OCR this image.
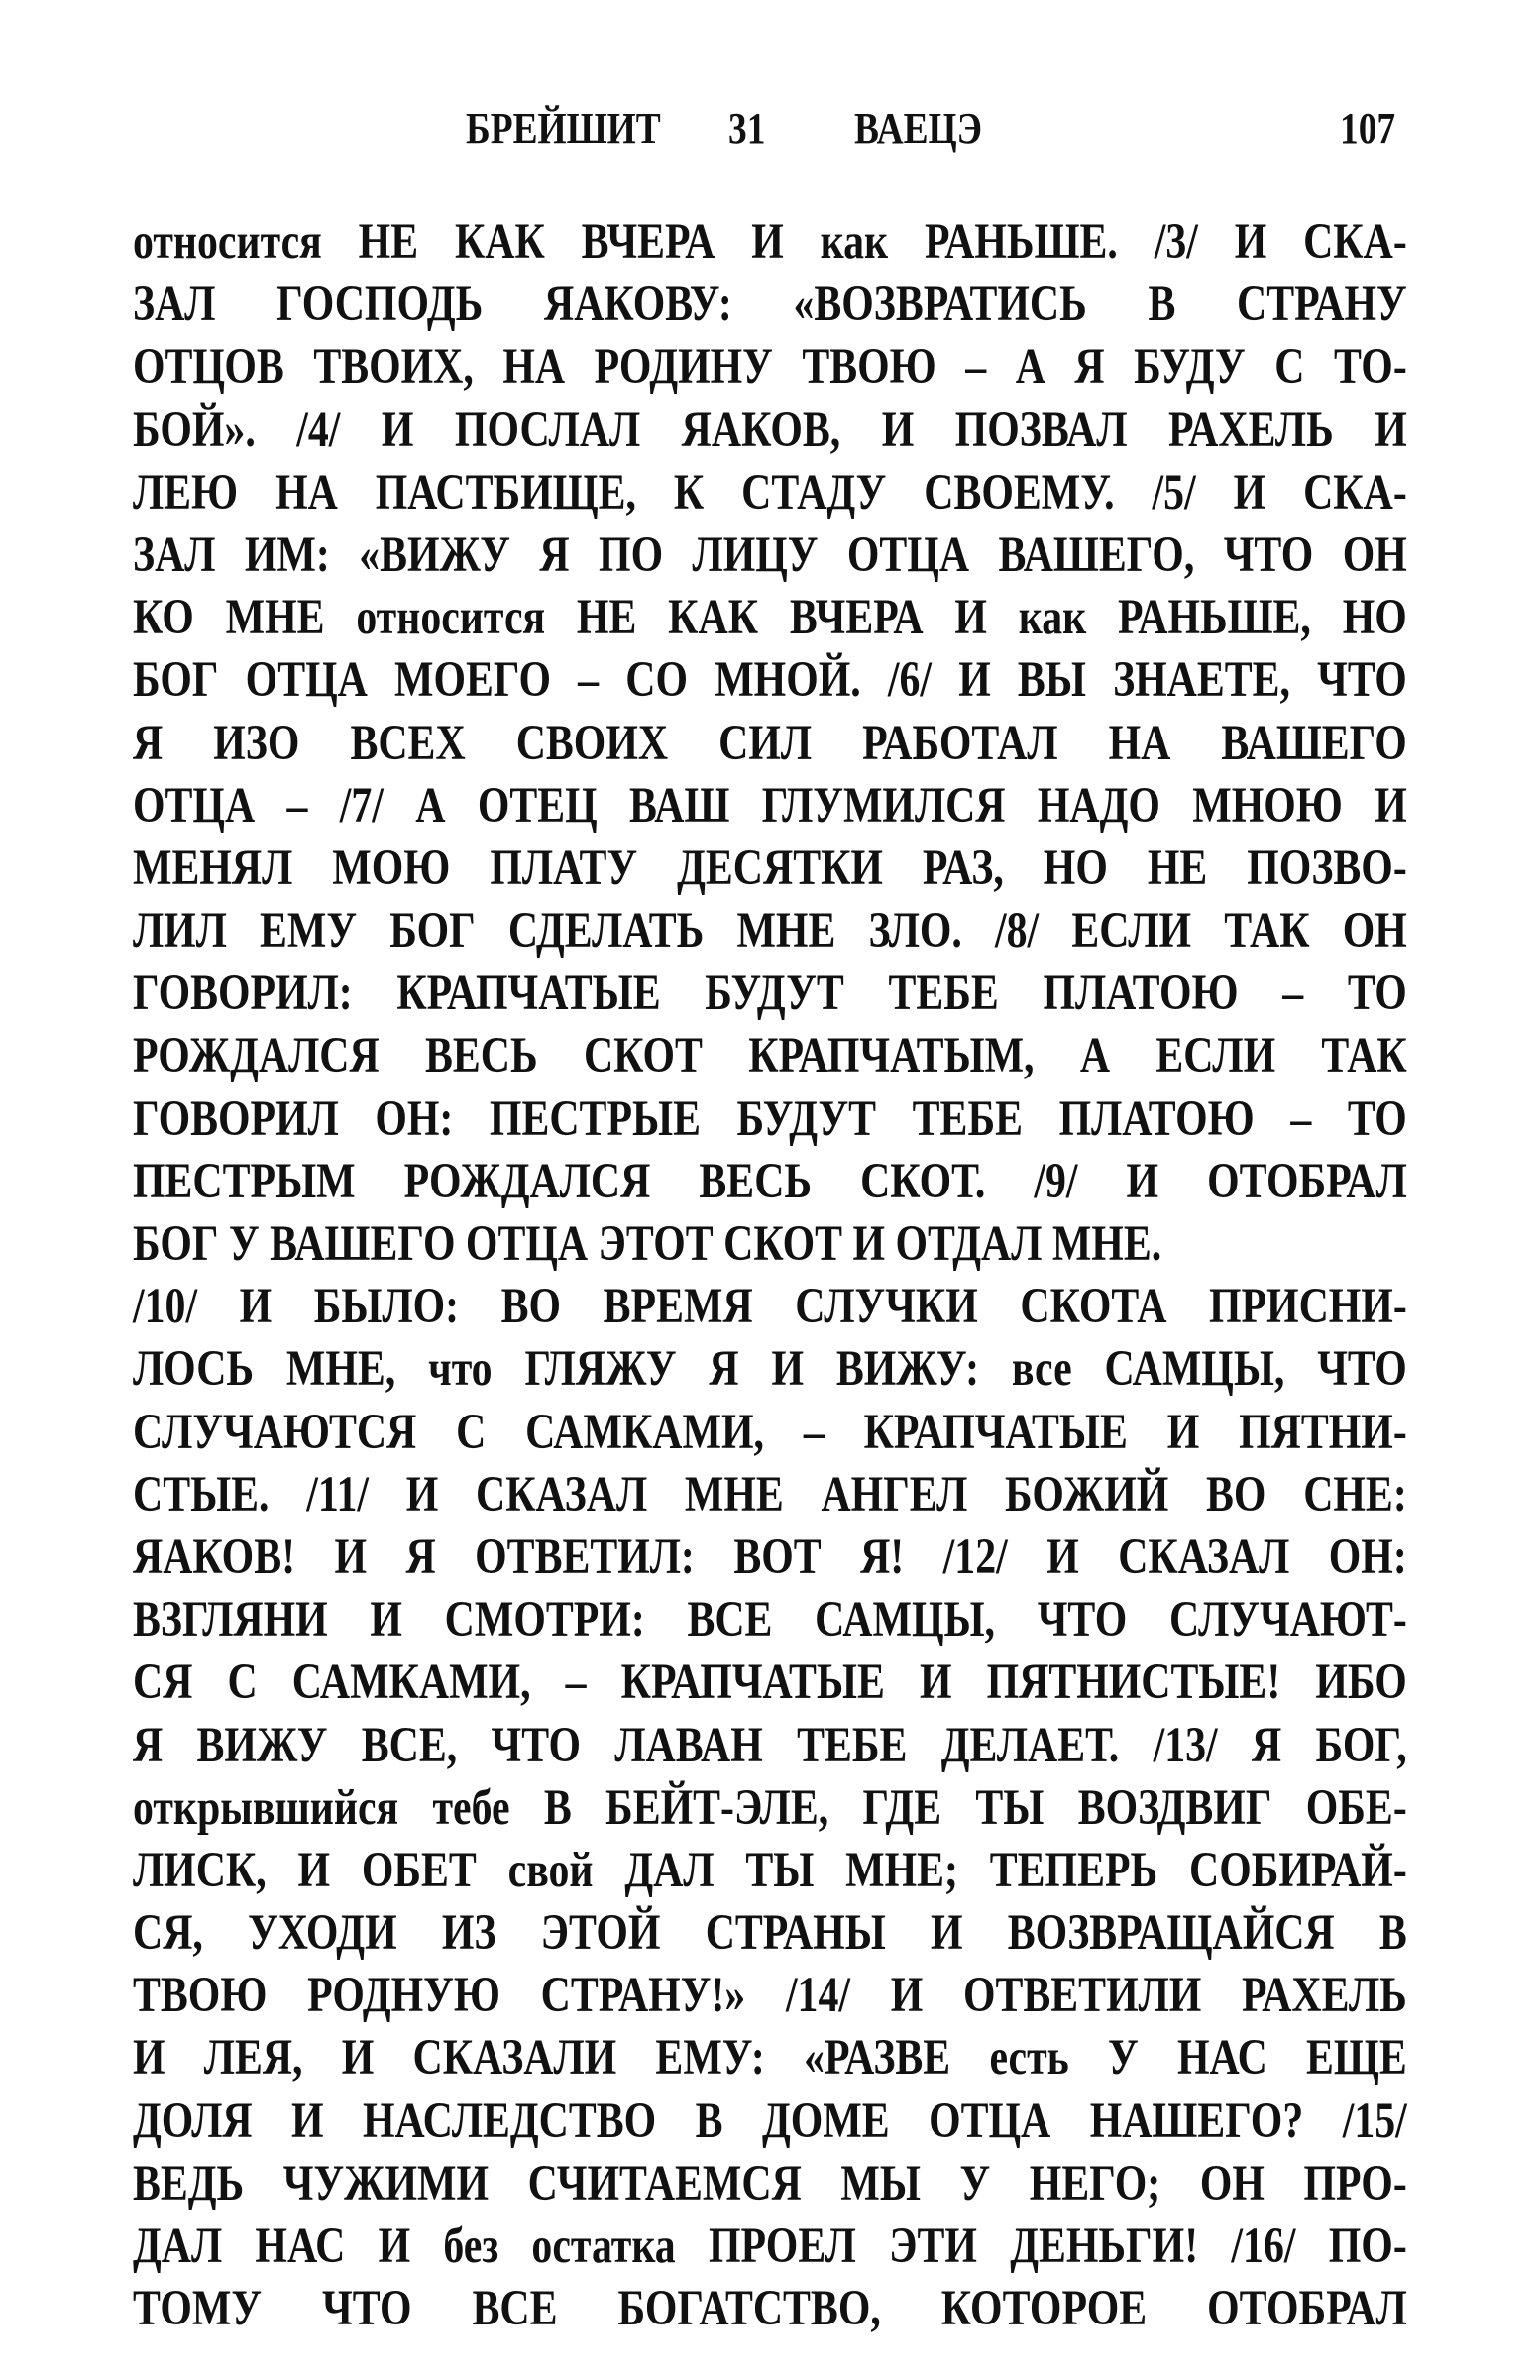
БРЕЙШИТ 31 ВАЕЦЭ	107
относится НЕ КАК ВЧЕРА И как РАНЬШЕ. /3/ И СКА-
ЗАЛ ГОСПОДЬ ЯАКОВУ: «ВОЗВРАТИСЬ В СТРАНУ
ОТЦОВ ТВОИХ, НА РОДИНУ ТВОЮ – А Я БУДУ С ТО-
БОЙ». /4/ И ПОСЛАЛ ЯАКОВ, И ПОЗВАЛ РАХЕЛЬ И
ЛЕЮ НА ПАСТБИЩЕ, К СТАДУ СВОЕМУ. /5/ И СКА-
ЗАЛ ИМ: «ВИЖУ Я ПО ЛИЦУ ОТЦА ВАШЕГО, ЧТО ОН
КО МНЕ относится НЕ КАК ВЧЕРА И как РАНЬШЕ, НО
БОГ ОТЦА МОЕГО – СО МНОЙ. /6/ И ВЫ ЗНАЕТЕ, ЧТО
Я ИЗО ВСЕХ СВОИХ СИЛ РАБОТАЛ НА ВАШЕГО
ОТЦА – /7/ А ОТЕЦ ВАШ ГЛУМИЛСЯ НАДО МНОЮ И
МЕНЯЛ МОЮ ПЛАТУ ДЕСЯТКИ РАЗ, НО НЕ ПОЗВО-
ЛИЛ ЕМУ БОГ СДЕЛАТЬ МНЕ ЗЛО. /8/ ЕСЛИ ТАК ОН
ГОВОРИЛ: КРАПЧАТЫЕ БУДУТ ТЕБЕ ПЛАТОЮ – ТО
РОЖДАЛСЯ ВЕСЬ СКОТ КРАПЧАТЫМ, А ЕСЛИ ТАК
ГОВОРИЛ ОН: ПЕСТРЫЕ БУДУТ ТЕБЕ ПЛАТОЮ – ТО
ПЕСТРЫМ РОЖДАЛСЯ ВЕСЬ СКОТ. /9/ И ОТОБРАЛ
БОГ У ВАШЕГО ОТЦА ЭТОТ СКОТ И ОТДАЛ МНЕ.
/10/ И БЫЛО: ВО ВРЕМЯ СЛУЧКИ СКОТА ПРИСНИ-
ЛОСЬ МНЕ, что ГЛЯЖУ Я И ВИЖУ: все САМЦЫ, ЧТО
СЛУЧАЮТСЯ С САМКАМИ, – КРАПЧАТЫЕ И ПЯТНИ-
СТЫЕ. /11/ И СКАЗАЛ МНЕ АНГЕЛ БОЖИЙ ВО СНЕ:
ЯАКОВ! И Я ОТВЕТИЛ: ВОТ Я! /12/ И СКАЗАЛ ОН:
ВЗГЛЯНИ И СМОТРИ: ВСЕ САМЦЫ, ЧТО СЛУЧАЮТ-
СЯ С САМКАМИ, – КРАПЧАТЫЕ И ПЯТНИСТЫЕ! ИБО
Я ВИЖУ ВСЕ, ЧТО ЛАВАН ТЕБЕ ДЕЛАЕТ. /13/ Я БОГ,
открывшийся тебе В БЕЙТ-ЭЛЕ, ГДЕ ТЫ ВОЗДВИГ ОБЕ-
ЛИСК, И ОБЕТ свой ДАЛ ТЫ МНЕ; ТЕПЕРЬ СОБИРАЙ-
СЯ, УХОДИ ИЗ ЭТОЙ СТРАНЫ И ВОЗВРАЩАЙСЯ В
ТВОЮ РОДНУЮ СТРАНУ!» /14/ И ОТВЕТИЛИ РАХЕЛЬ
И ЛЕЯ, И СКАЗАЛИ ЕМУ: «РАЗВЕ есть У НАС ЕЩЕ
ДОЛЯ И НАСЛЕДСТВО В ДОМЕ ОТЦА НАШЕГО? /15/
ВЕДЬ ЧУЖИМИ СЧИТАЕМСЯ МЫ У НЕГО; ОН ПРО-
ДАЛ НАС И без остатка ПРОЕЛ ЭТИ ДЕНЬГИ! /16/ ПО-
ТОМУ ЧТО ВСЕ БОГАТСТВО, КОТОРОЕ ОТОБРАЛ
